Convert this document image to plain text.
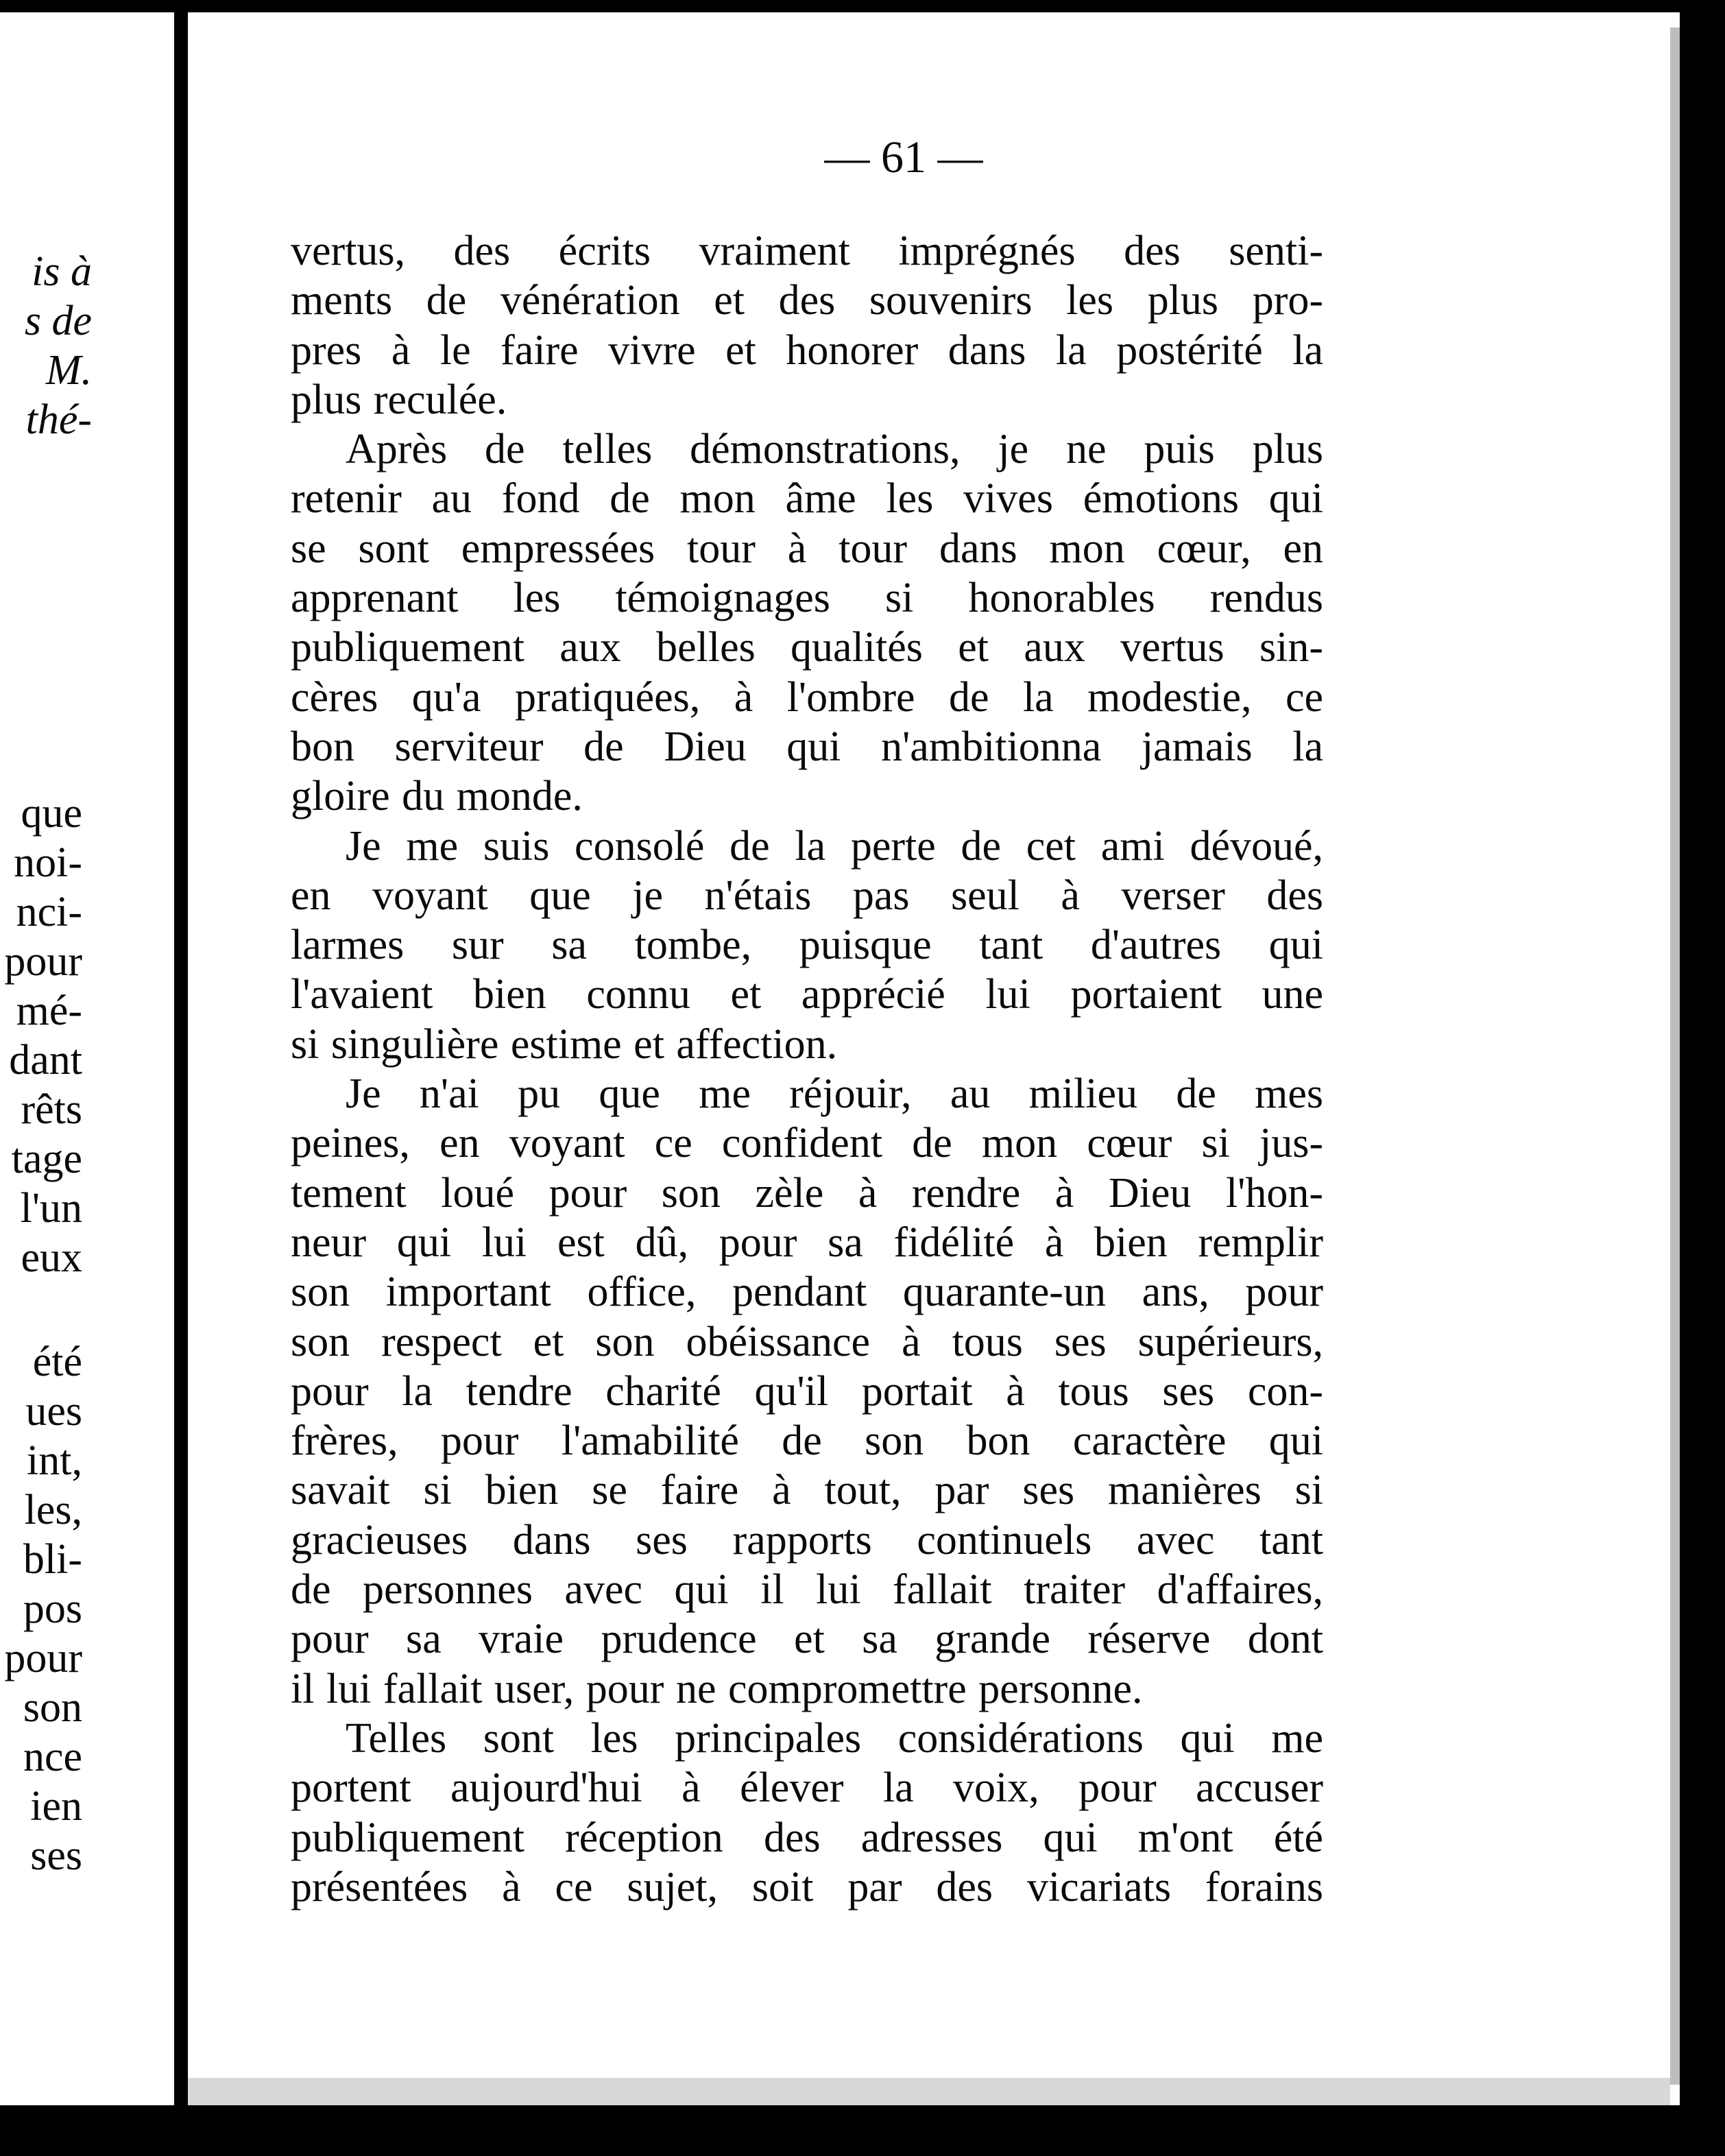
is à
s de
M.
thé-
que
noi-
nci-
pour
mé-
dant
rêts
tage
l'un
eux
été
ues
int,
les,
bli-
pos
pour
son
nce
ien
ses
— 61 —
vertus, des écrits vraiment imprégnés des senti-
ments de vénération et des souvenirs les plus pro-
pres à le faire vivre et honorer dans la postérité la
plus reculée.
Après de telles démonstrations, je ne puis plus
retenir au fond de mon âme les vives émotions qui
se sont empressées tour à tour dans mon cœur, en
apprenant les témoignages si honorables rendus
publiquement aux belles qualités et aux vertus sin-
cères qu'a pratiquées, à l'ombre de la modestie, ce
bon serviteur de Dieu qui n'ambitionna jamais la
gloire du monde.
Je me suis consolé de la perte de cet ami dévoué,
en voyant que je n'étais pas seul à verser des
larmes sur sa tombe, puisque tant d'autres qui
l'avaient bien connu et apprécié lui portaient une
si singulière estime et affection.
Je n'ai pu que me réjouir, au milieu de mes
peines, en voyant ce confident de mon cœur si jus-
tement loué pour son zèle à rendre à Dieu l'hon-
neur qui lui est dû, pour sa fidélité à bien remplir
son important office, pendant quarante-un ans, pour
son respect et son obéissance à tous ses supérieurs,
pour la tendre charité qu'il portait à tous ses con-
frères, pour l'amabilité de son bon caractère qui
savait si bien se faire à tout, par ses manières si
gracieuses dans ses rapports continuels avec tant
de personnes avec qui il lui fallait traiter d'affaires,
pour sa vraie prudence et sa grande réserve dont
il lui fallait user, pour ne compromettre personne.
Telles sont les principales considérations qui me
portent aujourd'hui à élever la voix, pour accuser
publiquement réception des adresses qui m'ont été
présentées à ce sujet, soit par des vicariats forains
